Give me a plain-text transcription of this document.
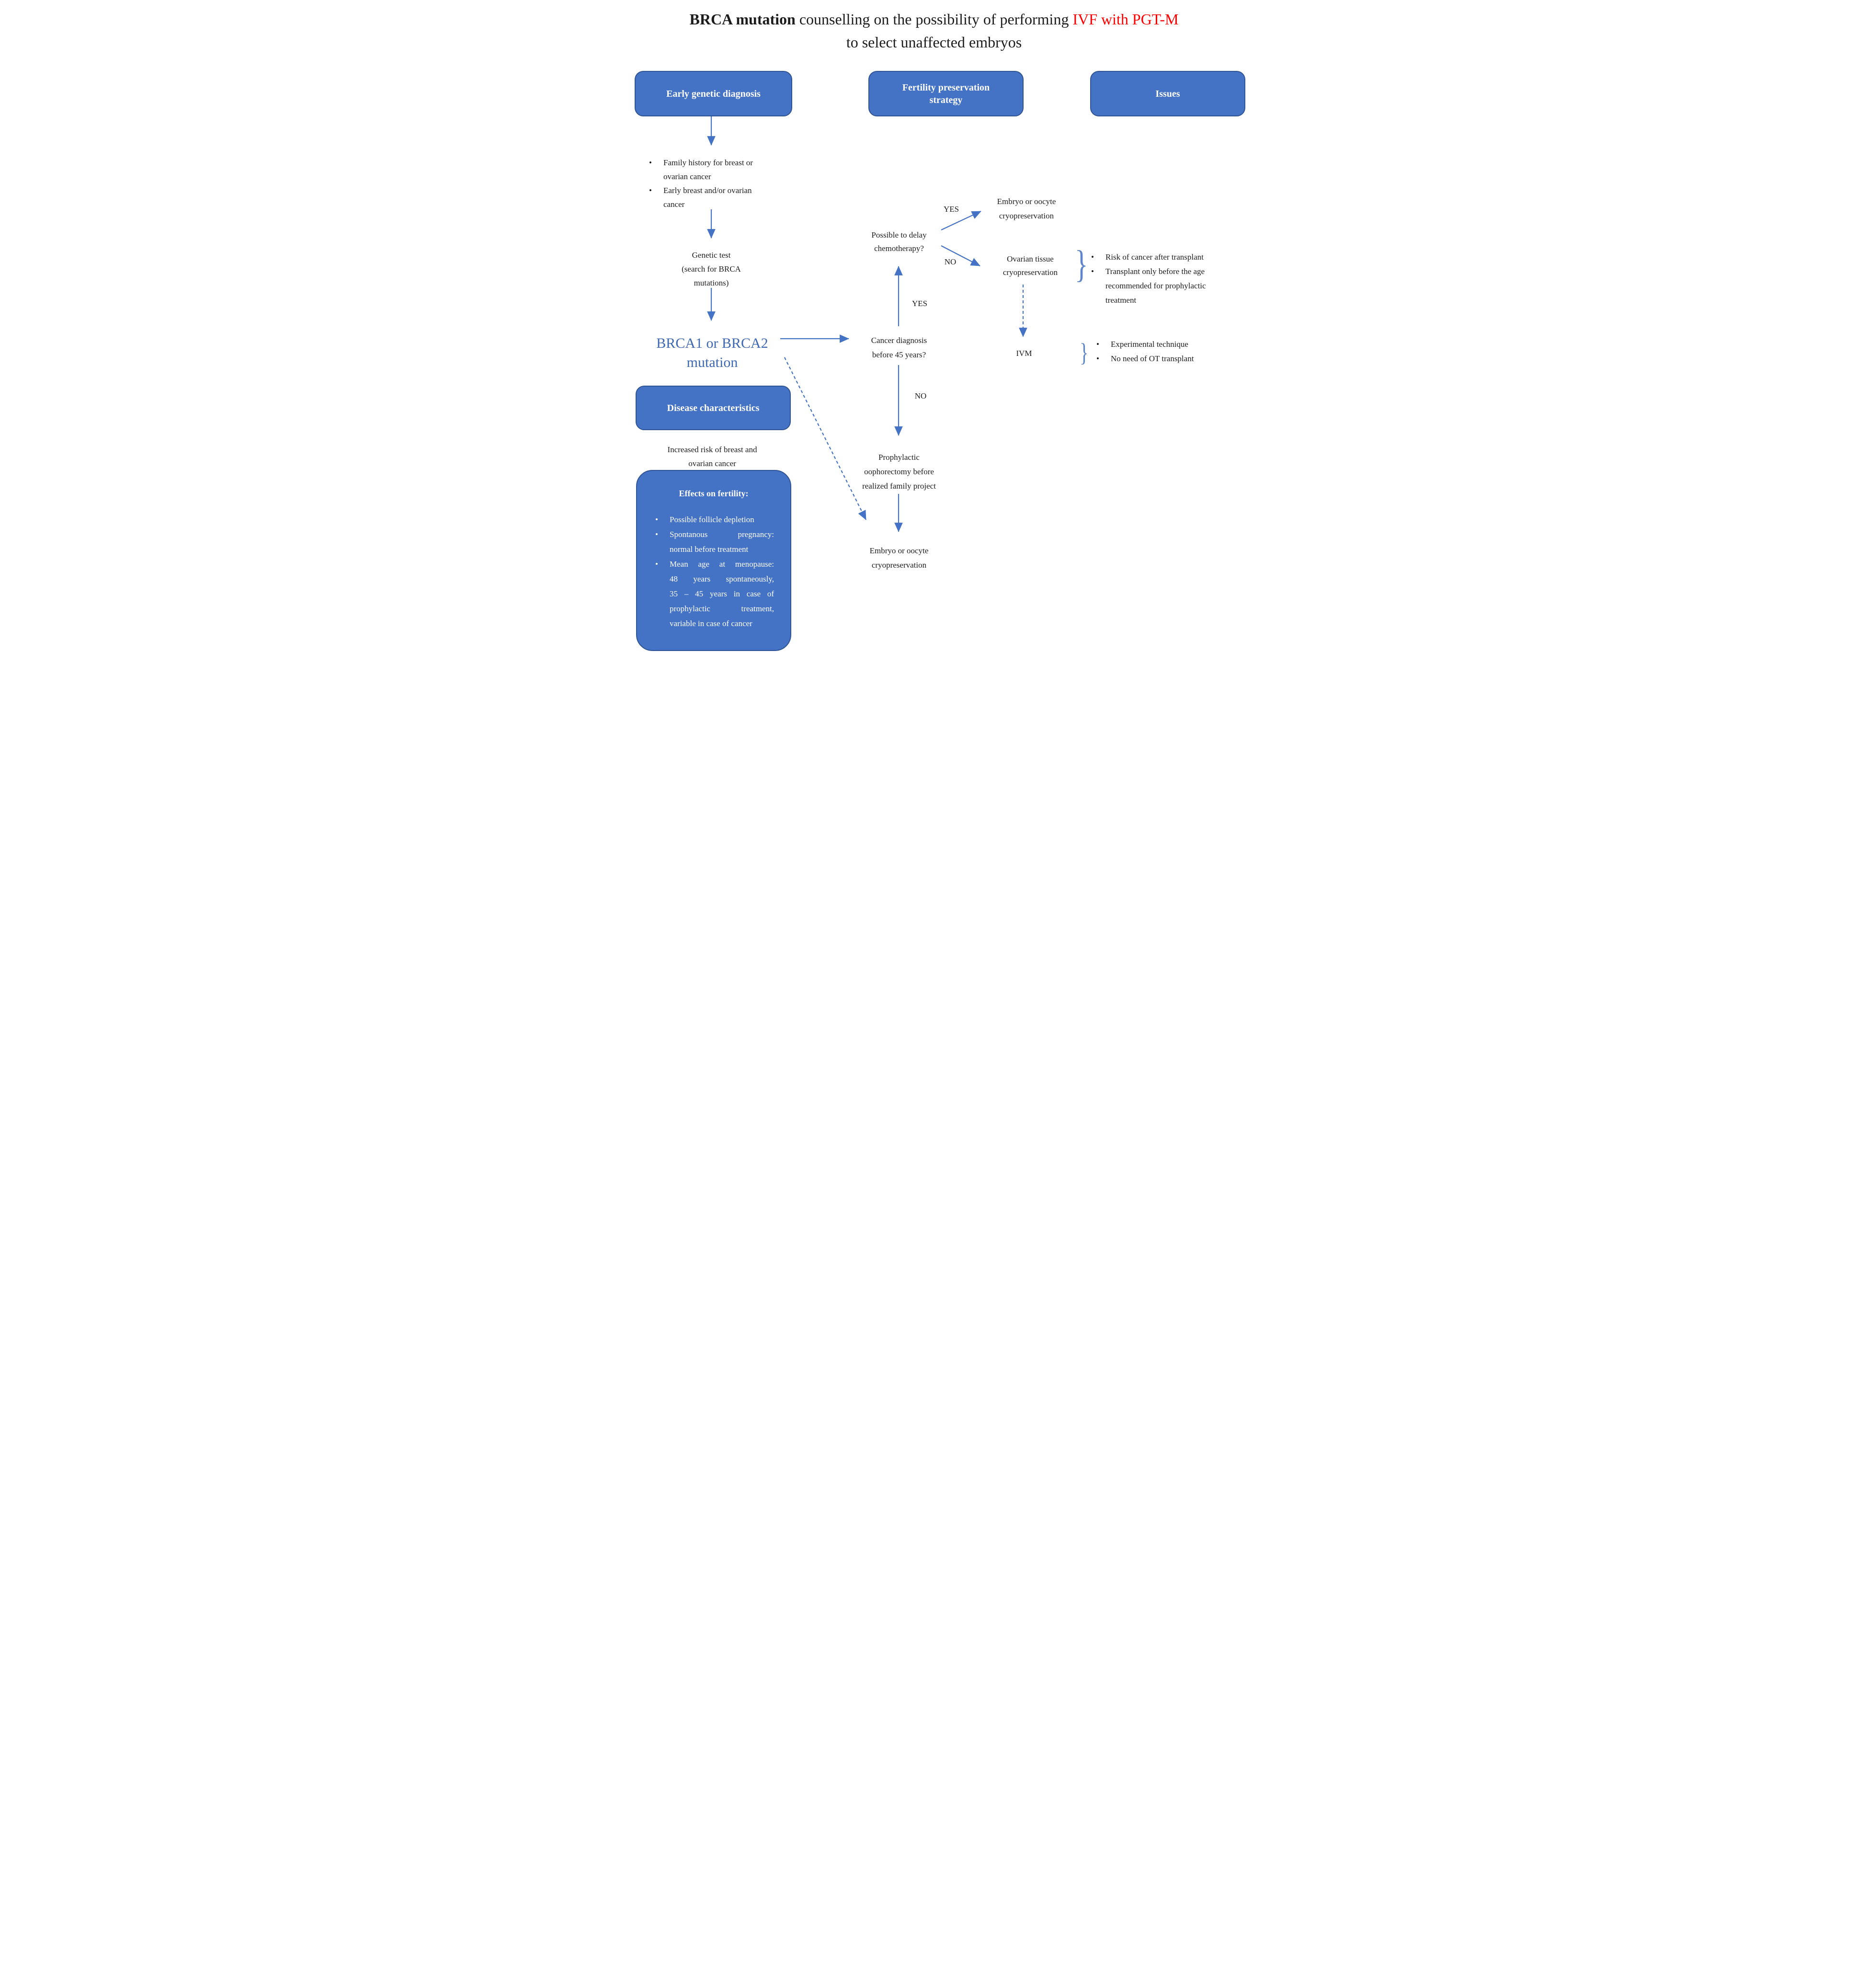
BRCA mutation counselling on the possibility of performing IVF with PGT-M
to select unaffected embryos
Early genetic diagnosis
Fertility preservation
strategy
Issues
• Family history for breast or
ovarian cancer
• Early breast and/or ovarian
cancer
Genetic test
(search for BRCA
mutations)
BRCA1 or BRCA2
mutation
Disease characteristics
Increased risk of breast and
ovarian cancer
Effects on fertility:
• Possible follicle depletion
• Spontanous pregnancy:
normal before treatment
• Mean age at menopause:
48 years spontaneously,
35 – 45 years in case of
prophylactic treatment,
variable in case of cancer
Possible to delay
chemotherapy?
YES
NO
Embryo or oocyte
cryopreservation
Ovarian tissue
cryopreservation
YES
Cancer diagnosis
before 45 years?
NO
Prophylactic
oophorectomy before
realized family project
Embryo or oocyte
cryopreservation
IVM
} • Risk of cancer after transplant
• Transplant only before the age
recommended for prophylactic
treatment
}	• Experimental technique
• No need of OT transplant
